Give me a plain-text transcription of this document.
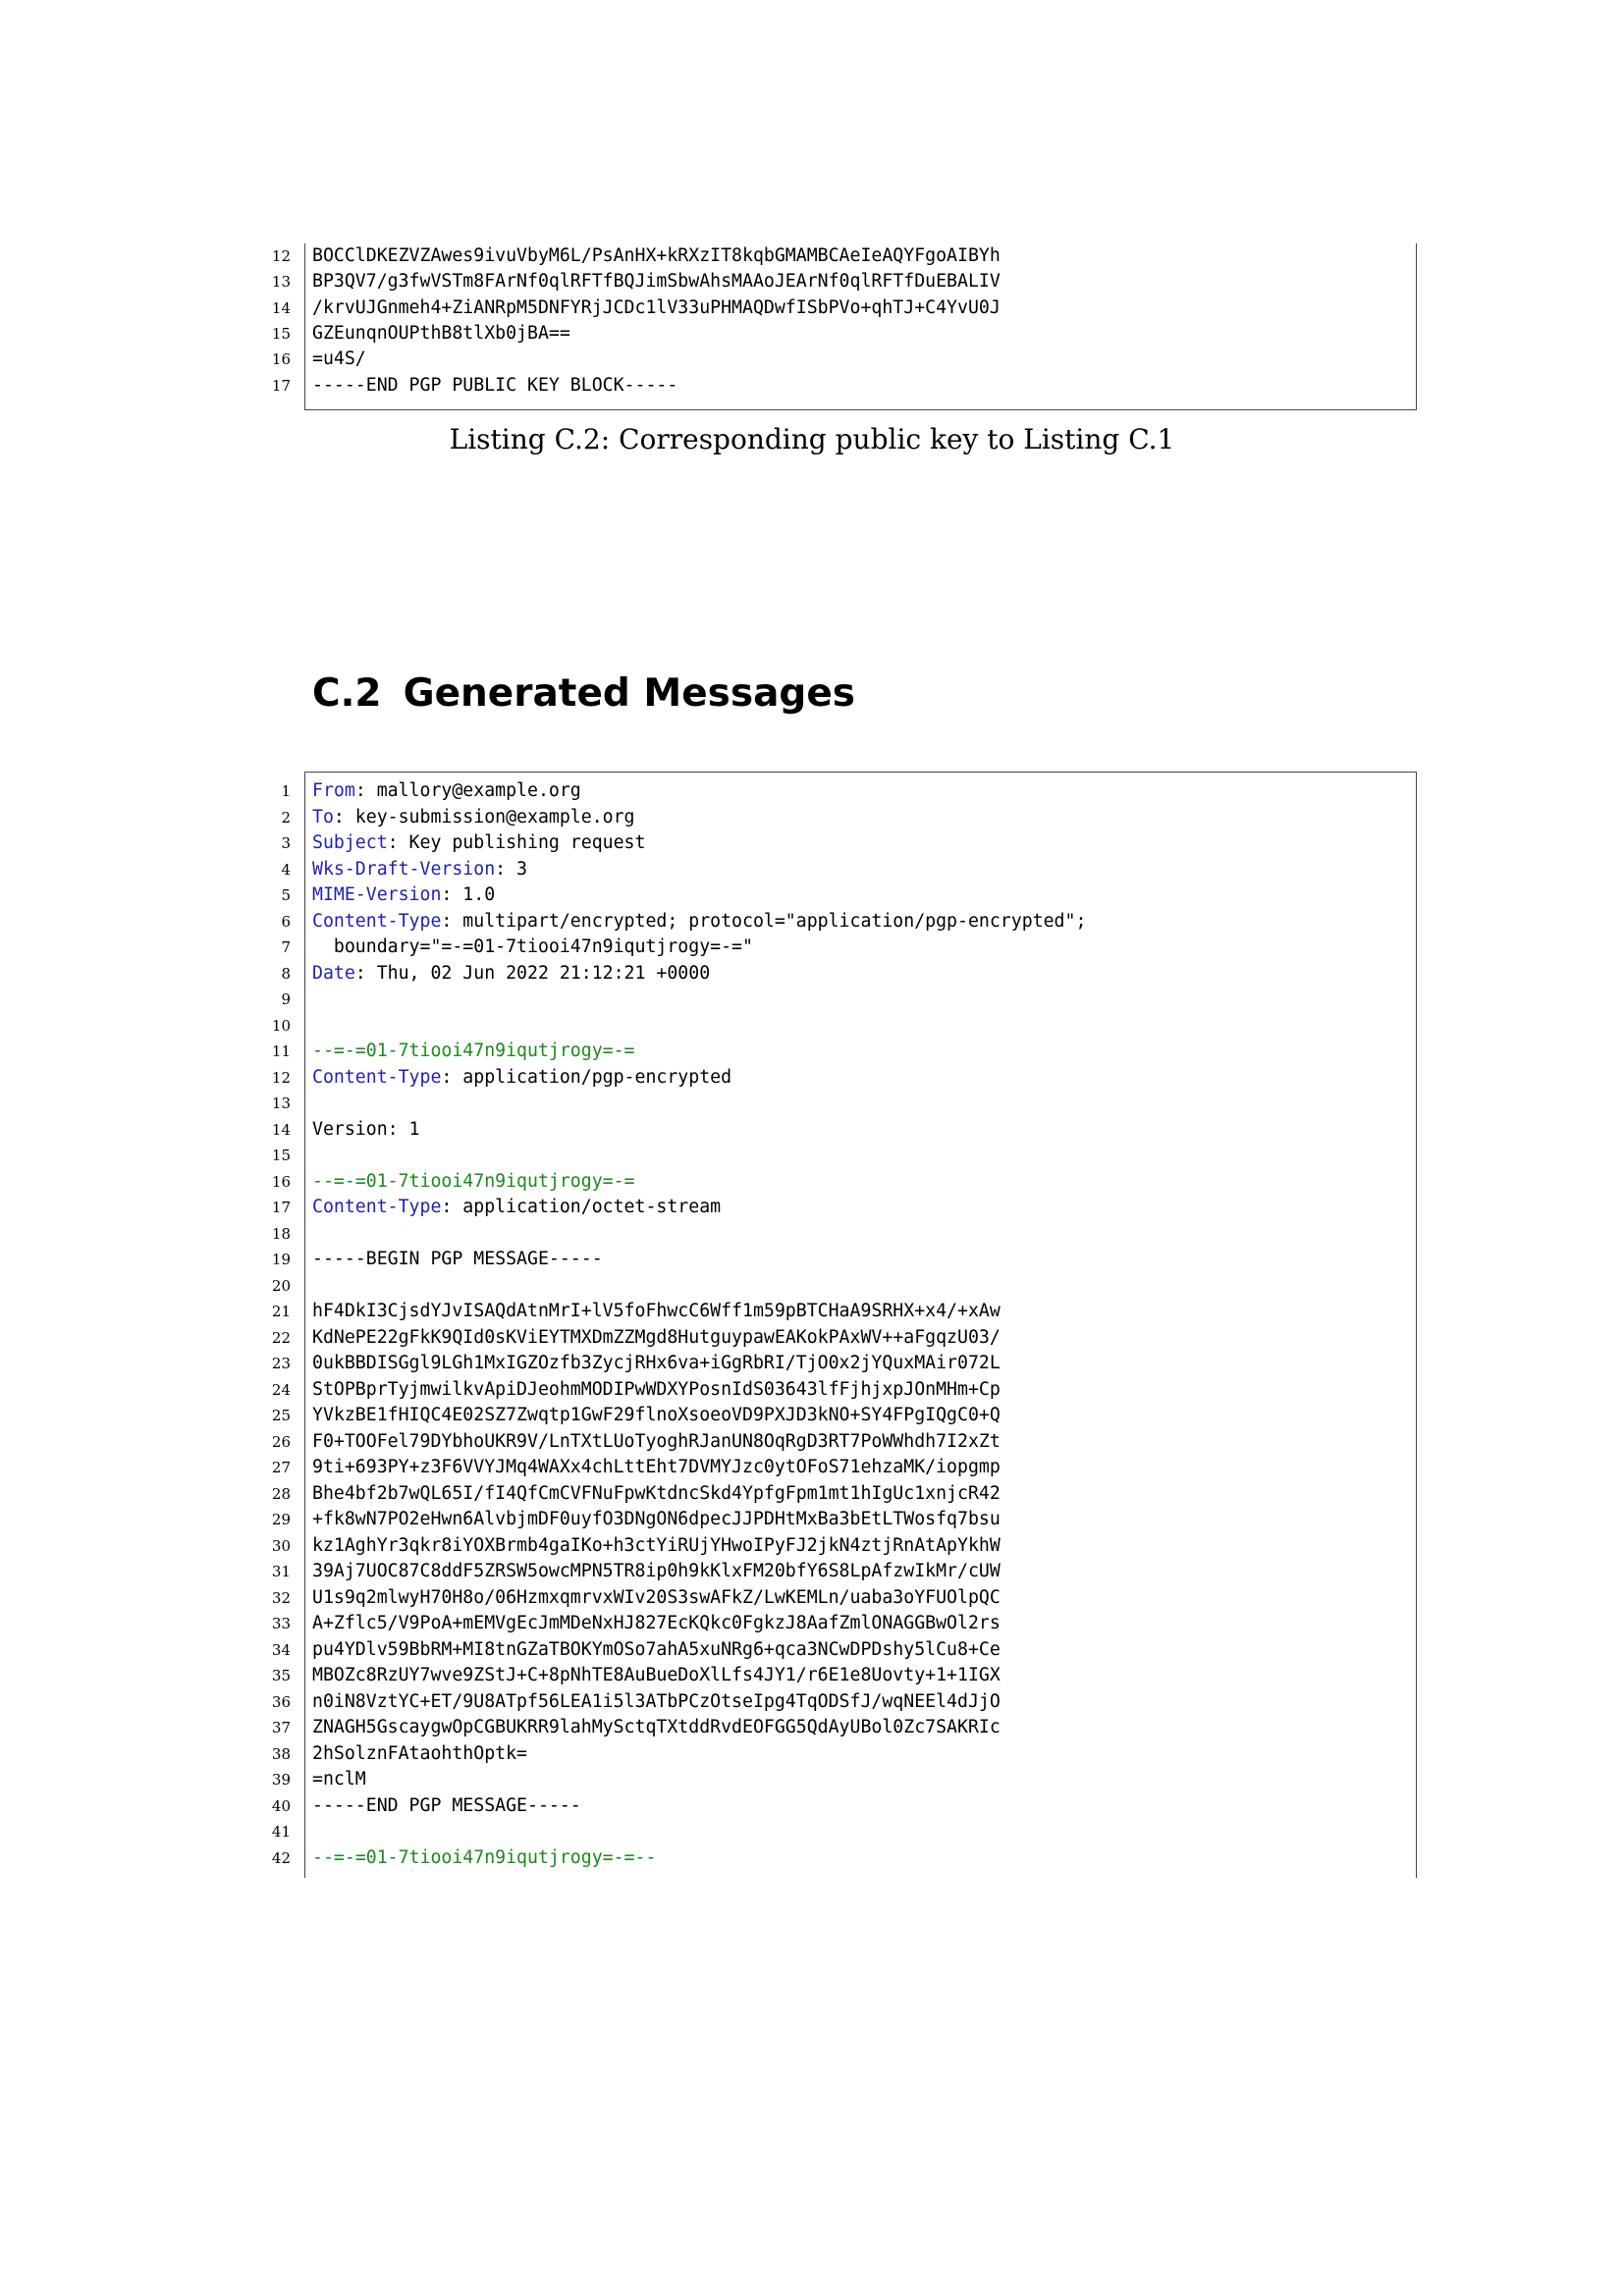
12 BOCClDKEZVZAwes9ivuVbyM6L/PsAnHX+kRXzIT8kqbGMAMBCAeIeAQYFgoAIBYh
13 BP3QV7/g3fwVSTm8FArNf0qlRFTfBQJimSbwAhsMAAoJEArNf0qlRFTfDuEBALIV
14 /krvUJGnmeh4+ZiANRpM5DNFYRjJCDc1lV33uPHMAQDwfISbPVo+qhTJ+C4YvU0J
15 GZEunqnOUPthB8tlXb0jBA==
16 =u4S/
17 -----END PGP PUBLIC KEY BLOCK-----
Listing C.2: Corresponding public key to Listing C.1
C.2 Generated Messages
1 From: mallory@example.org
2 To: key-submission@example.org
3 Subject: Key publishing request
4 Wks-Draft-Version: 3
5 MIME-Version: 1.0
6 Content-Type: multipart/encrypted; protocol="application/pgp-encrypted";
7 boundary="=-=01-7tiooi47n9iqutjrogy=-="
8 Date: Thu, 02 Jun 2022 21:12:21 +0000
9
10
11 --=-=01-7tiooi47n9iqutjrogy=-=
12 Content-Type: application/pgp-encrypted
13
14 Version: 1
15
16 --=-=01-7tiooi47n9iqutjrogy=-=
17 Content-Type: application/octet-stream
18
19 -----BEGIN PGP MESSAGE-----
20
21 hF4DkI3CjsdYJvISAQdAtnMrI+lV5foFhwcC6Wff1m59pBTCHaA9SRHX+x4/+xAw
22 KdNePE22gFkK9QId0sKViEYTMXDmZZMgd8HutguypawEAKokPAxWV++aFgqzU03/
23 0ukBBDISGgl9LGh1MxIGZOzfb3ZycjRHx6va+iGgRbRI/TjO0x2jYQuxMAir072L
24 StOPBprTyjmwilkvApiDJeohmMODIPwWDXYPosnIdS03643lfFjhjxpJOnMHm+Cp
25 YVkzBE1fHIQC4E02SZ7Zwqtp1GwF29flnoXsoeoVD9PXJD3kNO+SY4FPgIQgC0+Q
26 F0+TOOFel79DYbhoUKR9V/LnTXtLUoTyoghRJanUN8OqRgD3RT7PoWWhdh7I2xZt
27 9ti+693PY+z3F6VVYJMq4WAXx4chLttEht7DVMYJzc0ytOFoS71ehzaMK/iopgmp
28 Bhe4bf2b7wQL65I/fI4QfCmCVFNuFpwKtdncSkd4YpfgFpm1mt1hIgUc1xnjcR42
29 +fk8wN7PO2eHwn6AlvbjmDF0uyfO3DNgON6dpecJJPDHtMxBa3bEtLTWosfq7bsu
30 kz1AghYr3qkr8iYOXBrmb4gaIKo+h3ctYiRUjYHwoIPyFJ2jkN4ztjRnAtApYkhW
31 39Aj7UOC87C8ddF5ZRSW5owcMPN5TR8ip0h9kKlxFM20bfY6S8LpAfzwIkMr/cUW
32 U1s9q2mlwyH70H8o/06HzmxqmrvxWIv20S3swAFkZ/LwKEMLn/uaba3oYFUOlpQC
33 A+Zflc5/V9PoA+mEMVgEcJmMDeNxHJ827EcKQkc0FgkzJ8AafZmlONAGGBwOl2rs
34 pu4YDlv59BbRM+MI8tnGZaTBOKYmOSo7ahA5xuNRg6+qca3NCwDPDshy5lCu8+Ce
35 MBOZc8RzUY7wve9ZStJ+C+8pNhTE8AuBueDoXlLfs4JY1/r6E1e8Uovty+1+1IGX
36 n0iN8VztYC+ET/9U8ATpf56LEA1i5l3ATbPCzOtseIpg4TqODSfJ/wqNEEl4dJjO
37 ZNAGH5GscaygwOpCGBUKRR9lahMySctqTXtddRvdEOFGG5QdAyUBol0Zc7SAKRIc
38 2hSolznFAtaohthOptk=
39 =nclM
40 -----END PGP MESSAGE-----
41
42 --=-=01-7tiooi47n9iqutjrogy=-=--
